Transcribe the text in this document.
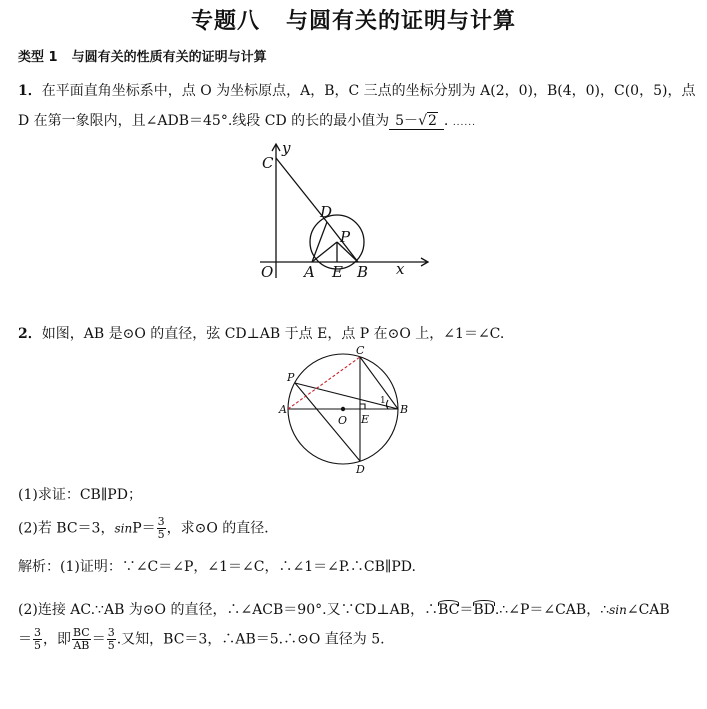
专题八 与圆有关的证明与计算
类型 1 与圆有关的性质有关的证明与计算
1．在平面直角坐标系中，点 O 为坐标原点，A，B，C 三点的坐标分别为 A(2，0)，B(4，0)，C(0，5)，点
D 在第一象限内，且∠ADB＝45°.线段 CD 的长的最小值为 5－√2 . ......
y
C
D
P
O A E B x
2．如图，AB 是⊙O 的直径，弦 CD⊥AB 于点 E，点 P 在⊙O 上，∠1＝∠C.
C
P
A
O E
B
D
1
(1)求证：CB∥PD；
(2)若 BC＝3，$\sin P= \frac{3}{5}$ ，求⊙O 的直径．
解析：(1)证明：∵∠C＝∠P，∠1＝∠C，∴∠1＝∠P.∴CB∥PD.
(2)连接 AC.∵AB 为⊙O 的直径，∴∠ACB＝90°.又∵CD⊥AB，∴BC＝BD.∴∠P＝∠CAB，∴sin∠CAB
＝ $\frac{3}{5}$ ，即 $\frac{BC}{AB} = \frac{3}{5}$ .又知，BC＝3，∴AB＝5.∴⊙O 直径为 5.
